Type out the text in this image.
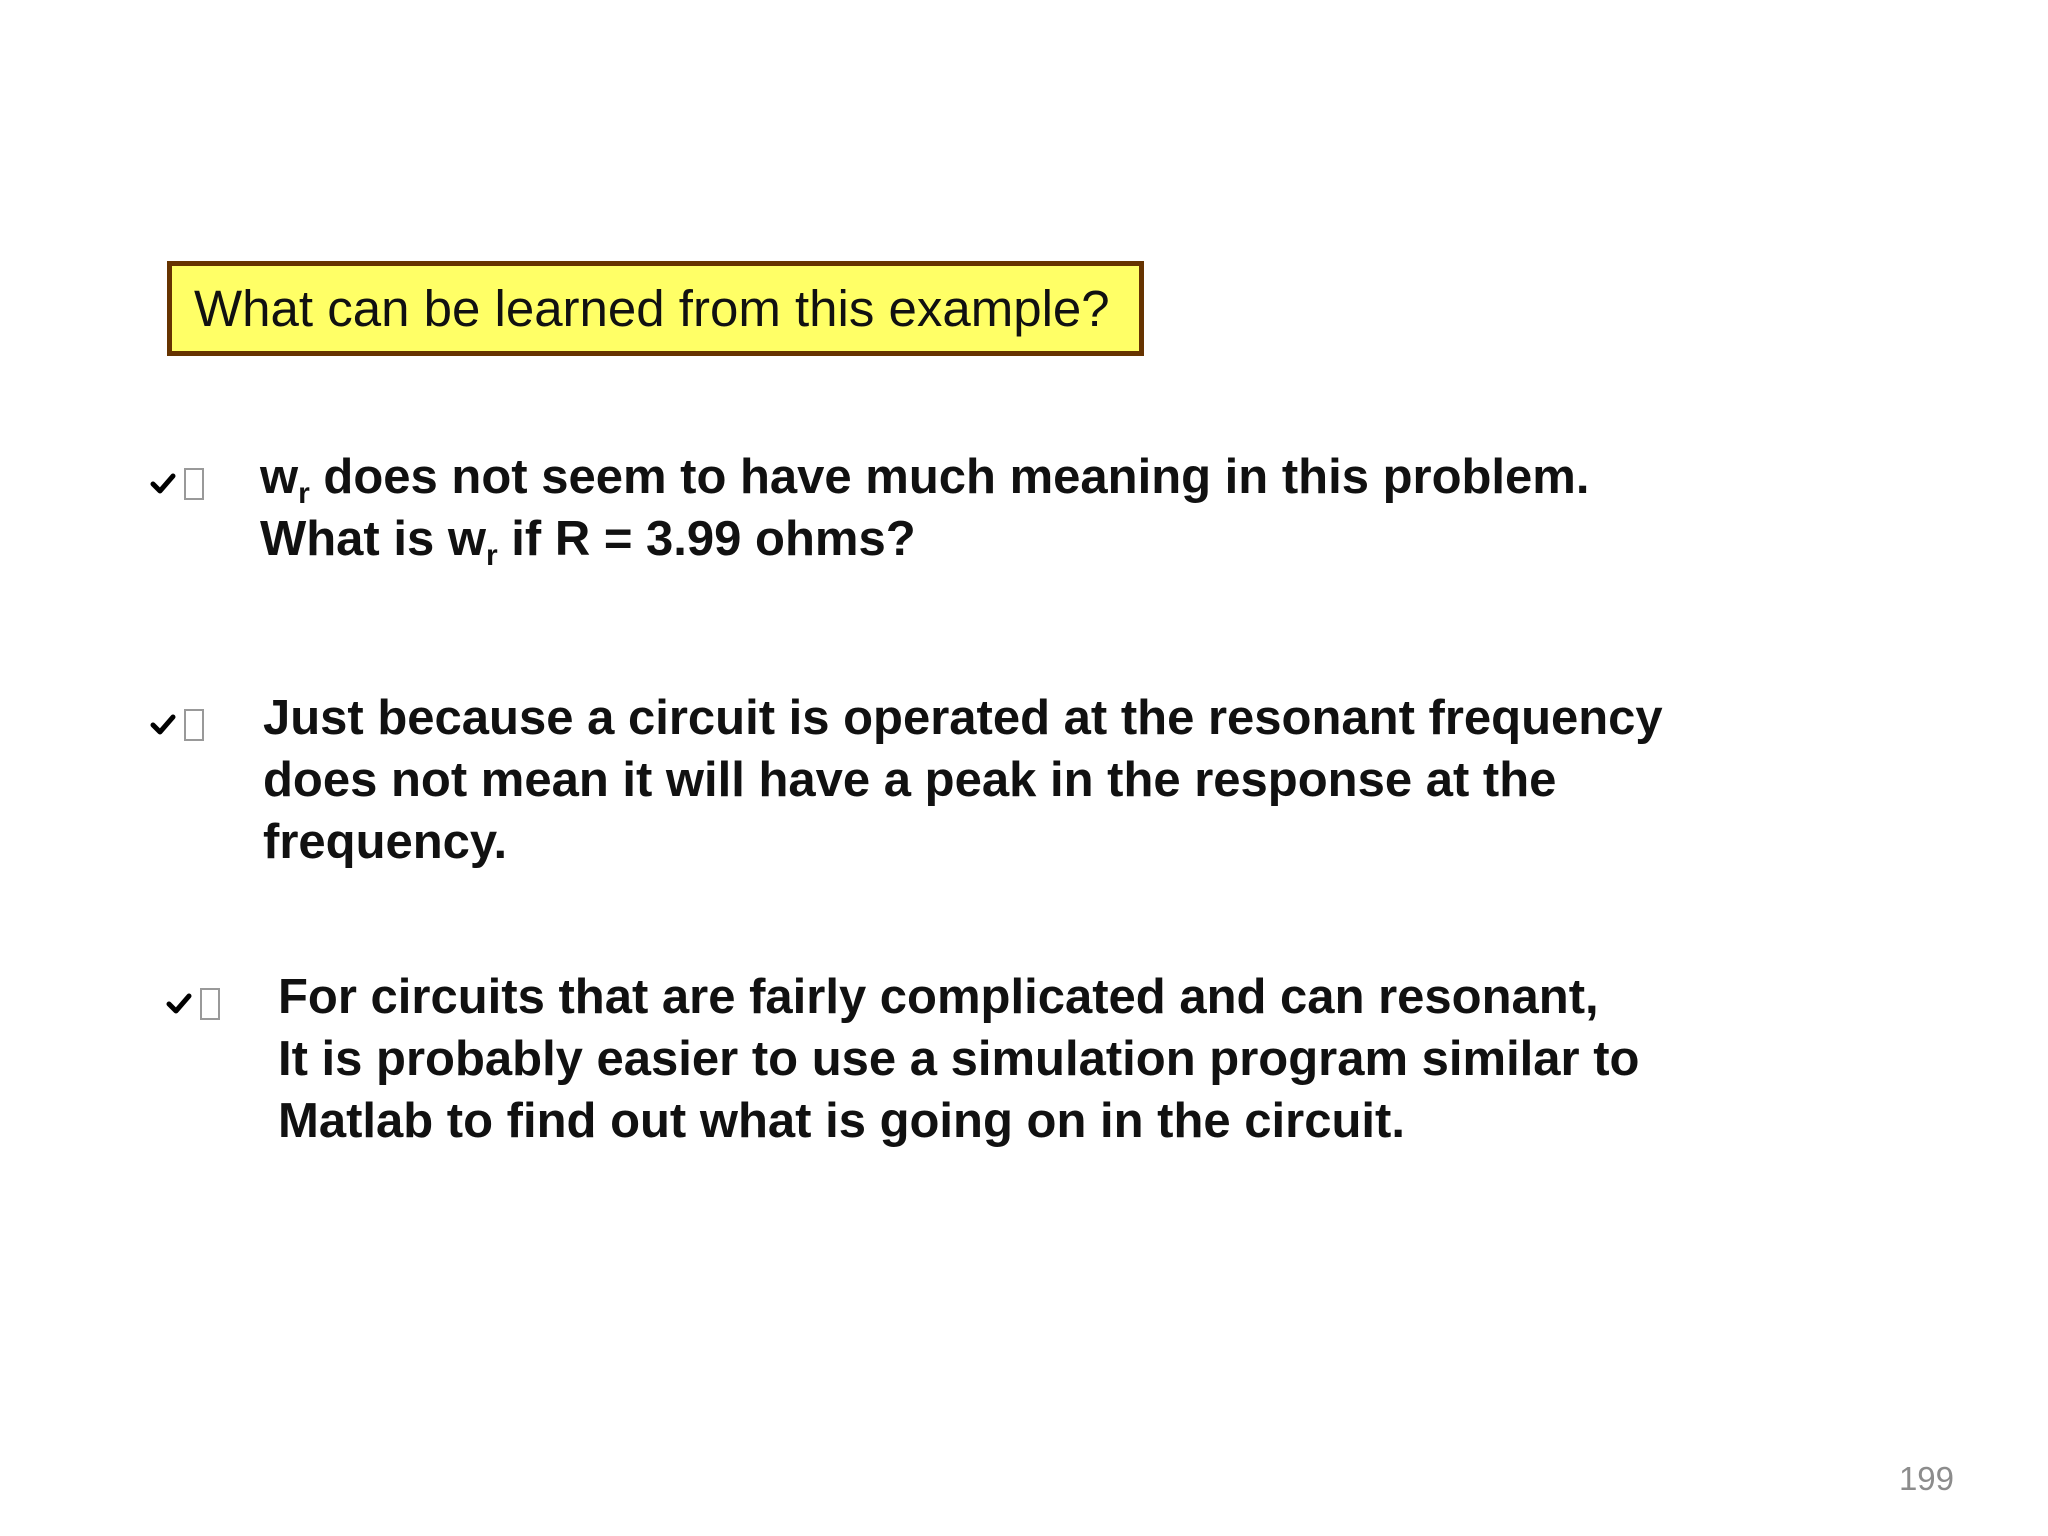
What can be learned from this example?
$w_r$ does not seem to have much meaning in this problem.
What is $w_r$ if R = 3.99 ohms?
Just because a circuit is operated at the resonant frequency
does not mean it will have a peak in the response at the
frequency.
For circuits that are fairly complicated and can resonant,
It is probably easier to use a simulation program similar to
Matlab to find out what is going on in the circuit.
199
